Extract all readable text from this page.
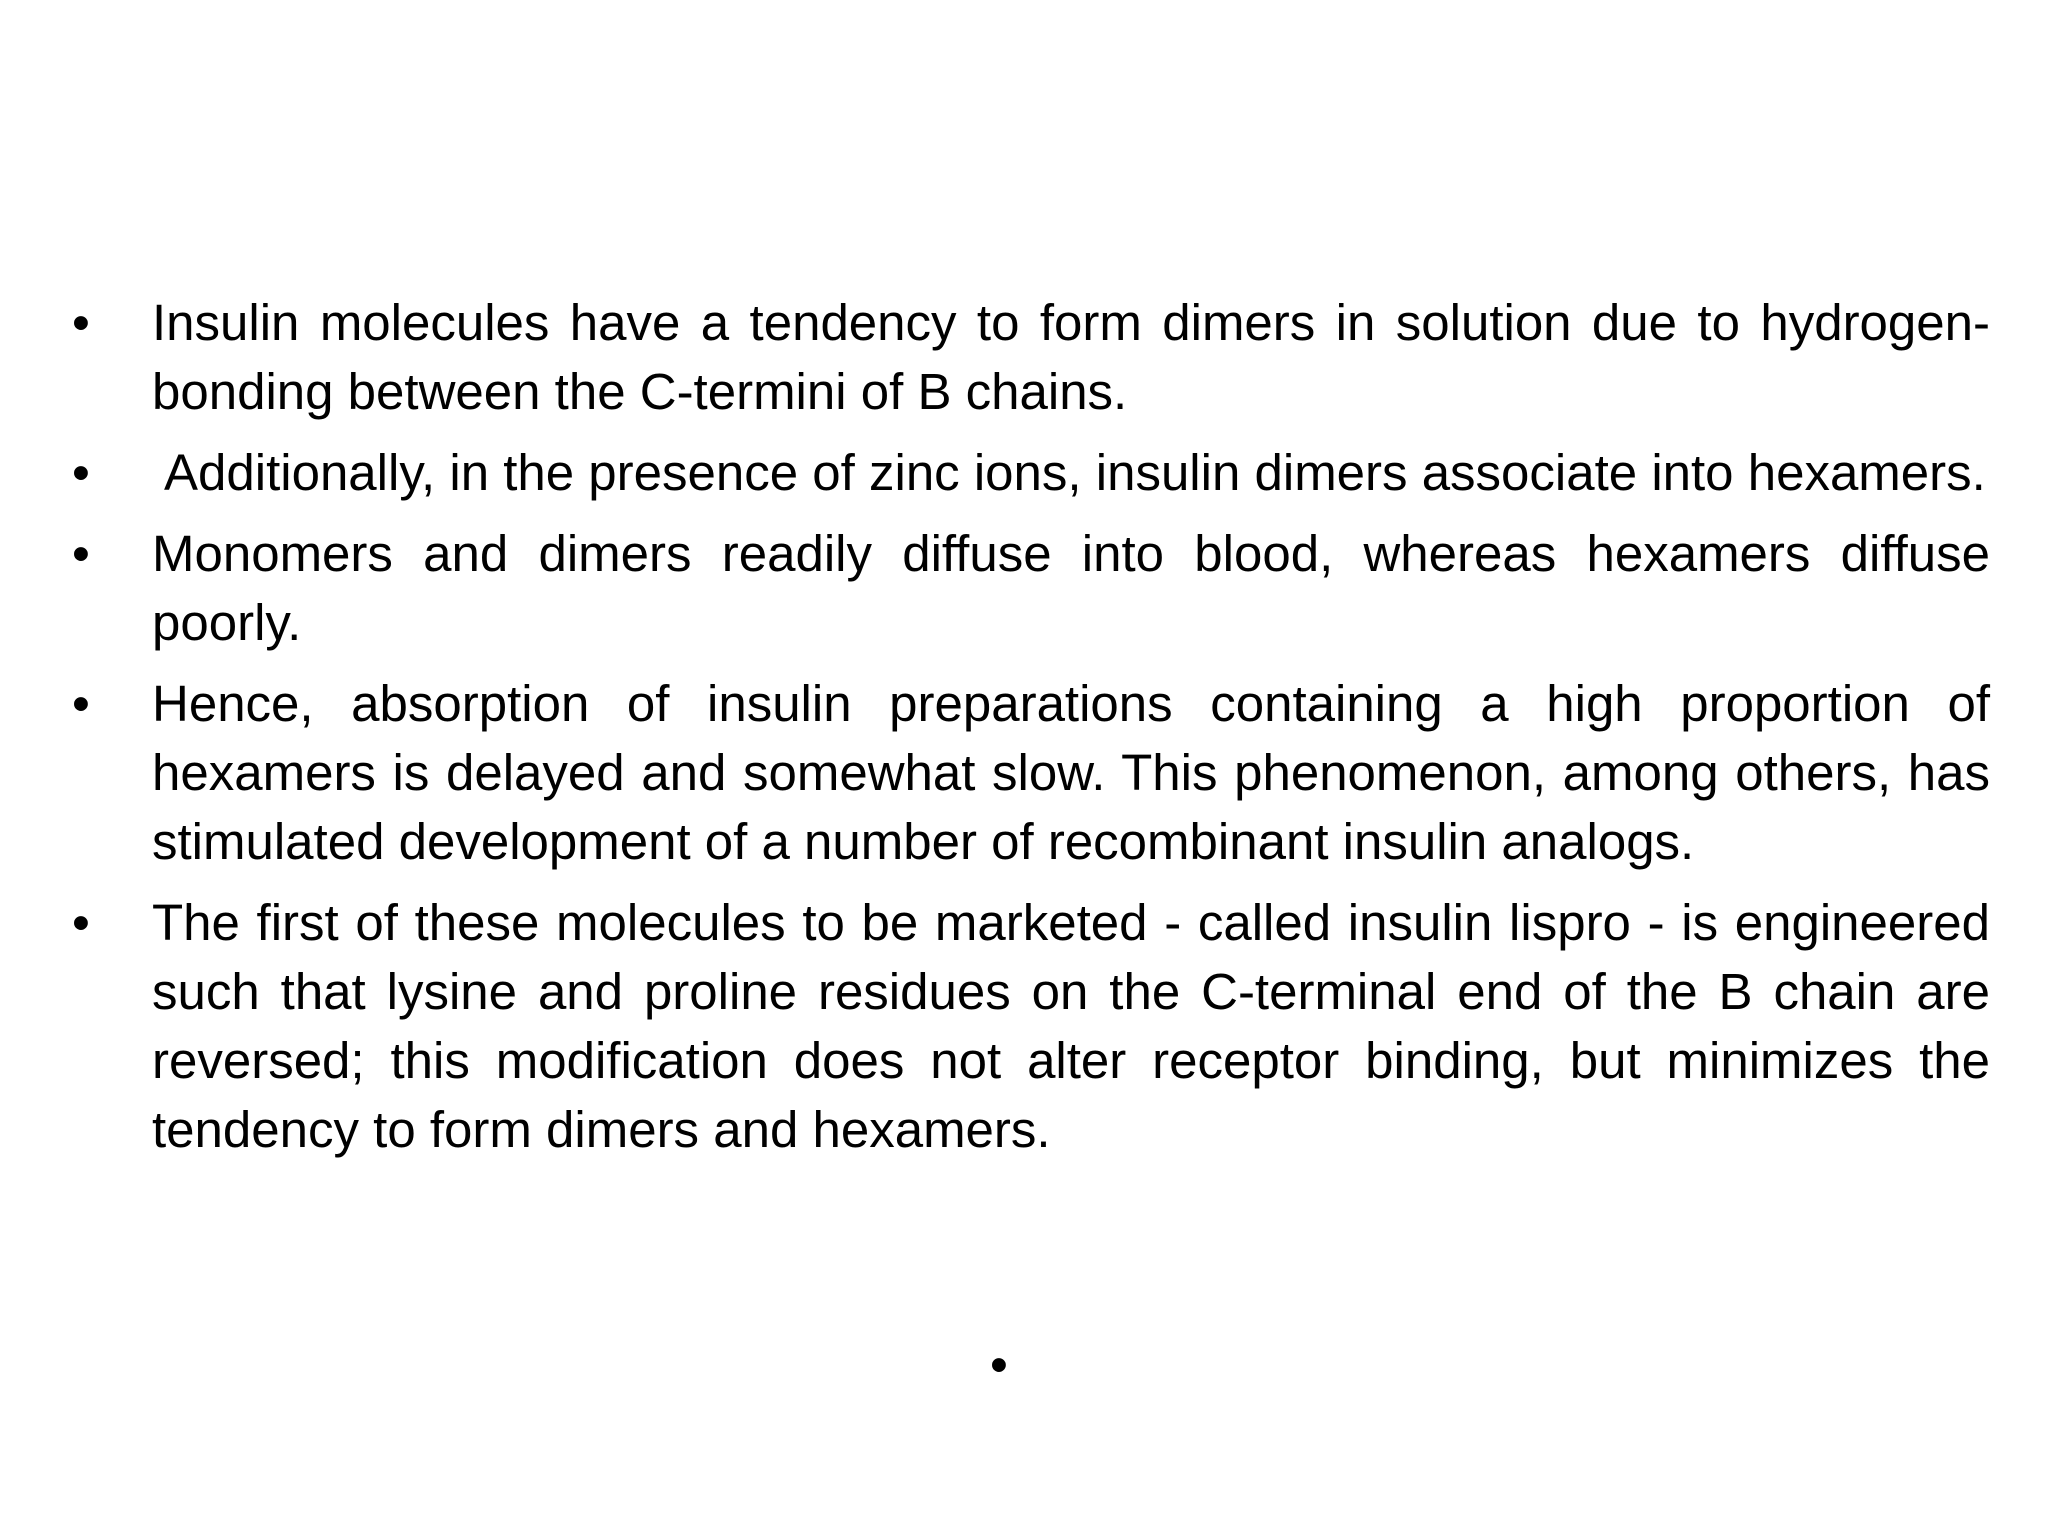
•	Insulin molecules have a tendency to form dimers in solution due to hydrogen-bonding between the C-termini of B chains.
•	Additionally, in the presence of zinc ions, insulin dimers associate into hexamers.
•	Monomers and dimers readily diffuse into blood, whereas hexamers diffuse poorly.
•	Hence, absorption of insulin preparations containing a high proportion of hexamers is delayed and somewhat slow. This phenomenon, among others, has stimulated development of a number of recombinant insulin analogs.
•	The first of these molecules to be marketed - called insulin lispro - is engineered such that lysine and proline residues on the C-terminal end of the B chain are reversed; this modification does not alter receptor binding, but minimizes the tendency to form dimers and hexamers.
•
